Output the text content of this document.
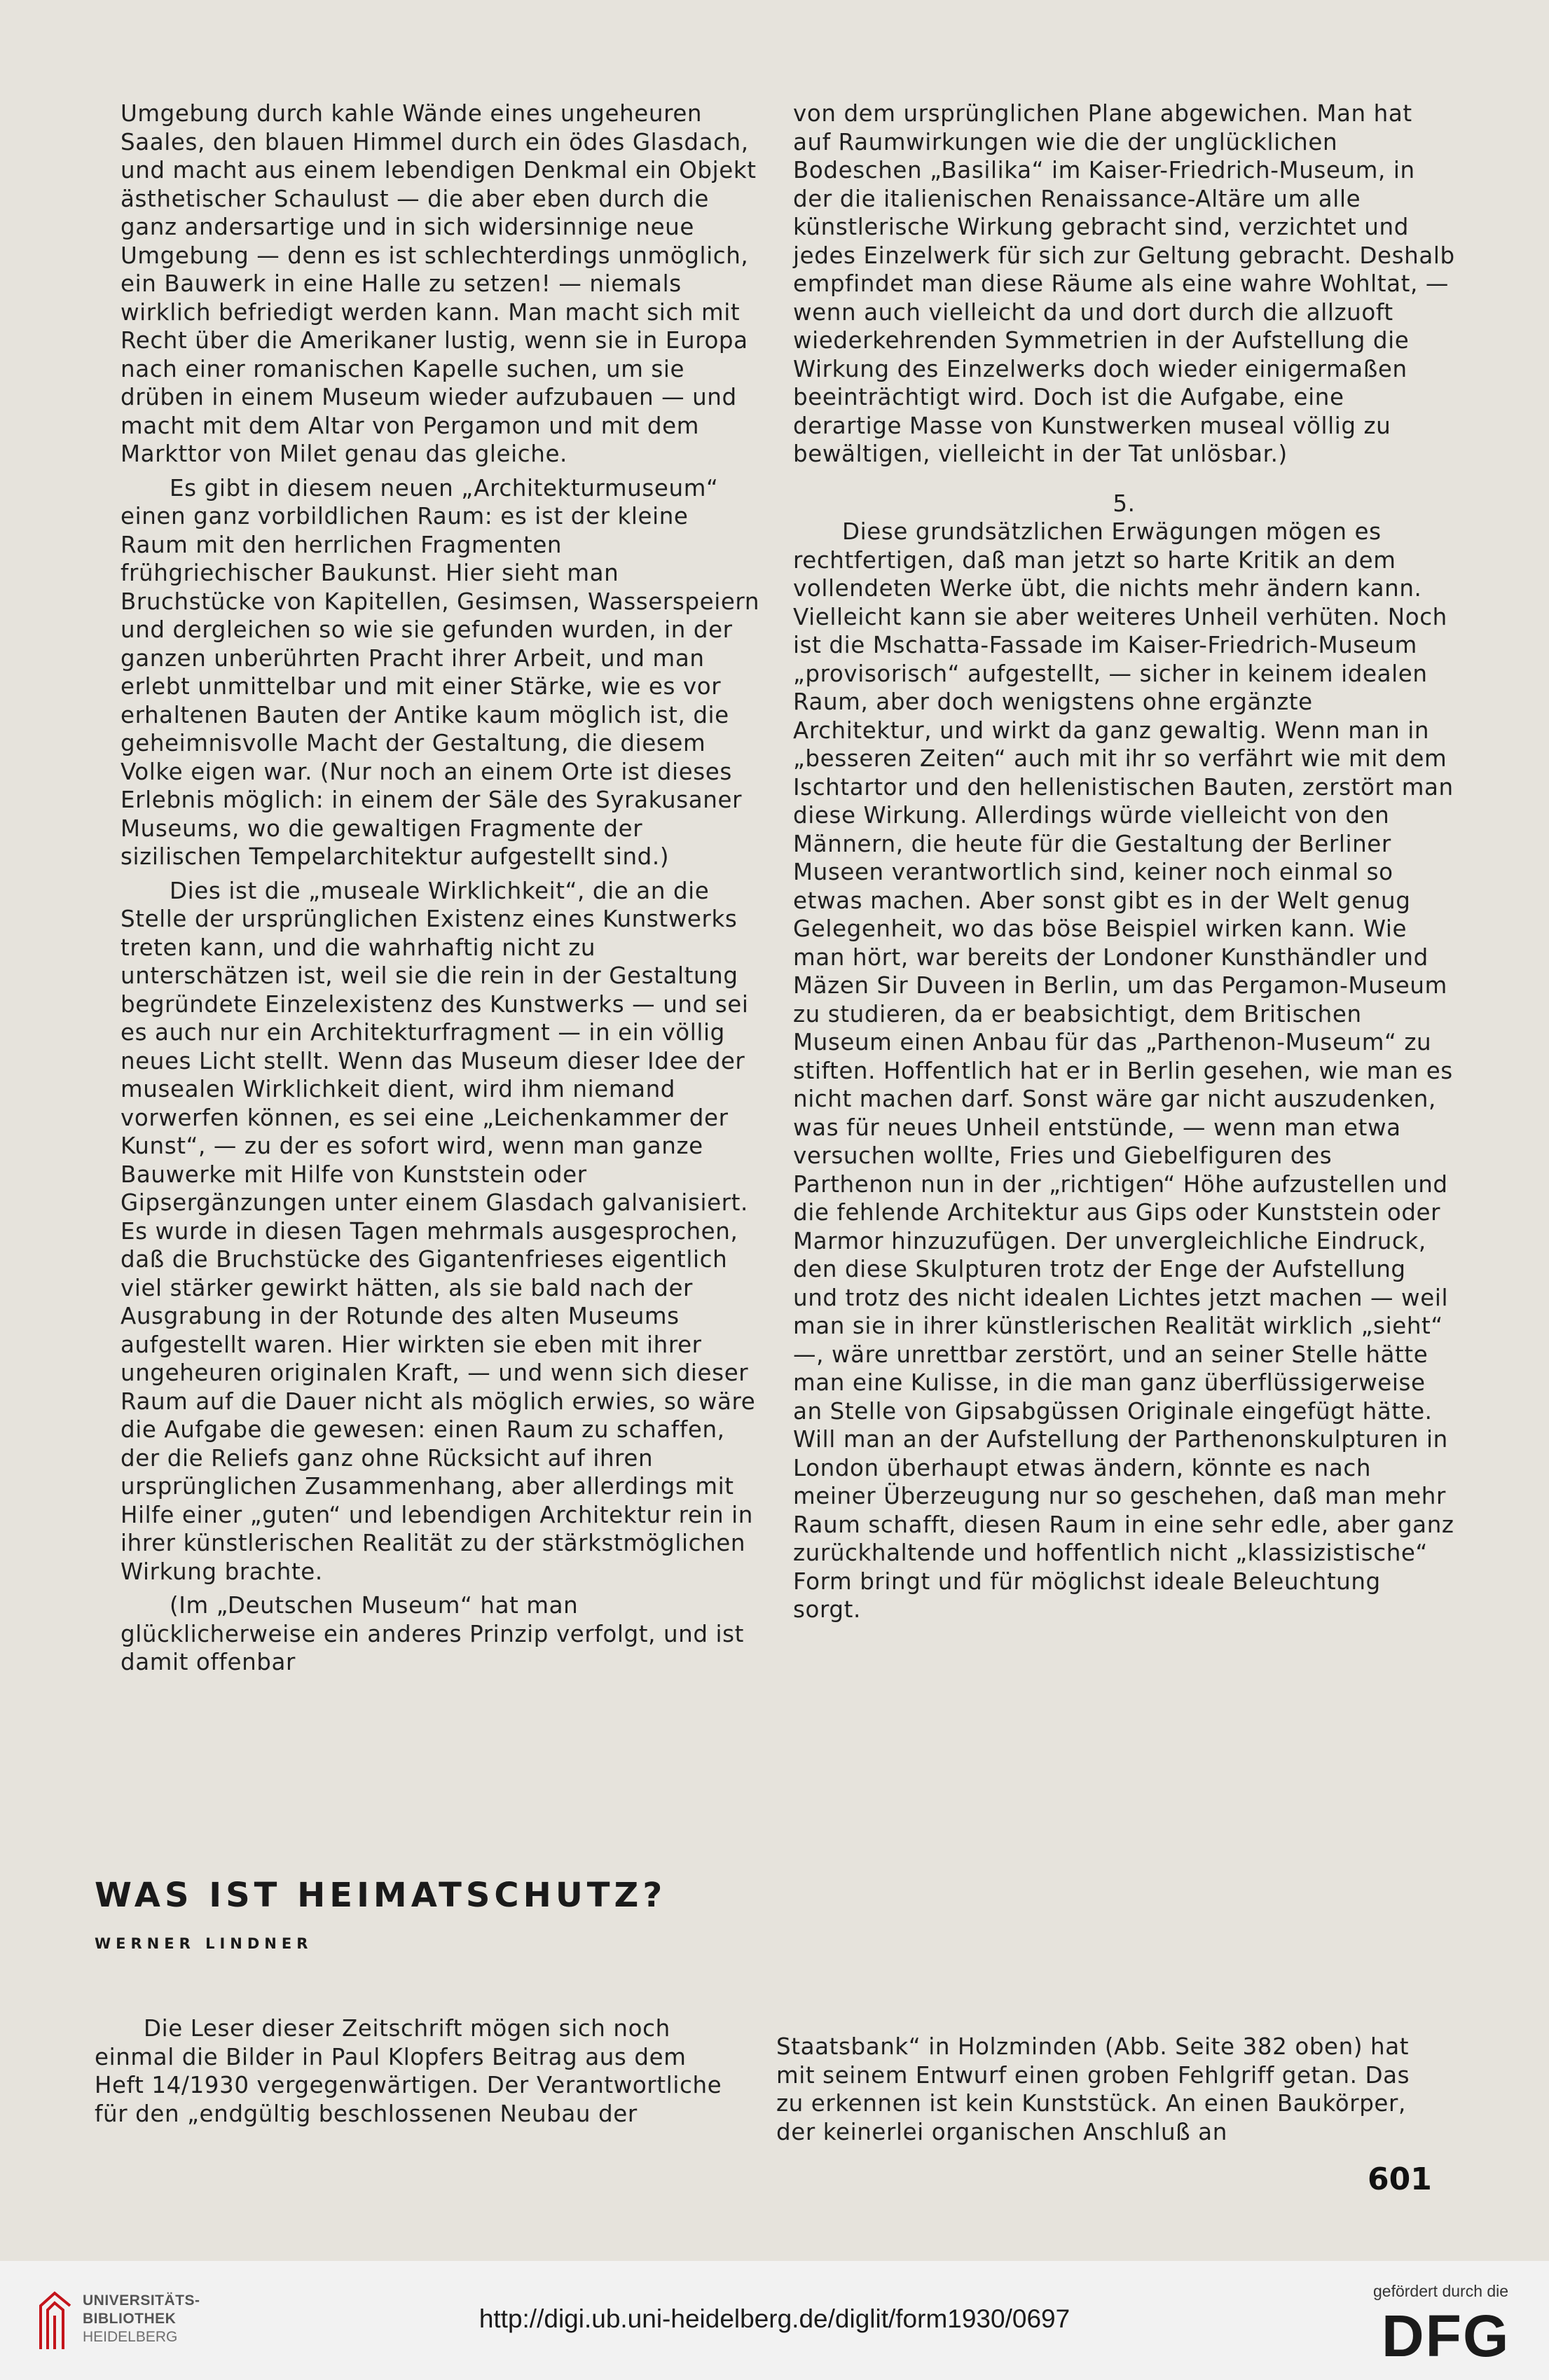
Umgebung durch kahle Wände eines ungeheuren Saales, den blauen Himmel durch ein ödes Glasdach, und macht aus einem lebendigen Denkmal ein Objekt ästhetischer Schaulust — die aber eben durch die ganz andersartige und in sich widersinnige neue Umgebung — denn es ist schlechterdings unmöglich, ein Bauwerk in eine Halle zu setzen! — niemals wirklich befriedigt werden kann. Man macht sich mit Recht über die Amerikaner lustig, wenn sie in Europa nach einer romanischen Kapelle suchen, um sie drüben in einem Museum wieder aufzubauen — und macht mit dem Altar von Pergamon und mit dem Markttor von Milet genau das gleiche.

Es gibt in diesem neuen „Architekturmuseum“ einen ganz vorbildlichen Raum: es ist der kleine Raum mit den herrlichen Fragmenten frühgriechischer Baukunst. Hier sieht man Bruchstücke von Kapitellen, Gesimsen, Wasserspeiern und dergleichen so wie sie gefunden wurden, in der ganzen unberührten Pracht ihrer Arbeit, und man erlebt unmittelbar und mit einer Stärke, wie es vor erhaltenen Bauten der Antike kaum möglich ist, die geheimnisvolle Macht der Gestaltung, die diesem Volke eigen war. (Nur noch an einem Orte ist dieses Erlebnis möglich: in einem der Säle des Syrakusaner Museums, wo die gewaltigen Fragmente der sizilischen Tempelarchitektur aufgestellt sind.)

Dies ist die „museale Wirklichkeit“, die an die Stelle der ursprünglichen Existenz eines Kunstwerks treten kann, und die wahrhaftig nicht zu unterschätzen ist, weil sie die rein in der Gestaltung begründete Einzelexistenz des Kunstwerks — und sei es auch nur ein Architekturfragment — in ein völlig neues Licht stellt. Wenn das Museum dieser Idee der musealen Wirklichkeit dient, wird ihm niemand vorwerfen können, es sei eine „Leichenkammer der Kunst“, — zu der es sofort wird, wenn man ganze Bauwerke mit Hilfe von Kunststein oder Gipsergänzungen unter einem Glasdach galvanisiert. Es wurde in diesen Tagen mehrmals ausgesprochen, daß die Bruchstücke des Gigantenfrieses eigentlich viel stärker gewirkt hätten, als sie bald nach der Ausgrabung in der Rotunde des alten Museums aufgestellt waren. Hier wirkten sie eben mit ihrer ungeheuren originalen Kraft, — und wenn sich dieser Raum auf die Dauer nicht als möglich erwies, so wäre die Aufgabe die gewesen: einen Raum zu schaffen, der die Reliefs ganz ohne Rücksicht auf ihren ursprünglichen Zusammenhang, aber allerdings mit Hilfe einer „guten“ und lebendigen Architektur rein in ihrer künstlerischen Realität zu der stärkstmöglichen Wirkung brachte.

(Im „Deutschen Museum“ hat man glücklicherweise ein anderes Prinzip verfolgt, und ist damit offenbar

von dem ursprünglichen Plane abgewichen. Man hat auf Raumwirkungen wie die der unglücklichen Bodeschen „Basilika“ im Kaiser-Friedrich-Museum, in der die italienischen Renaissance-Altäre um alle künstlerische Wirkung gebracht sind, verzichtet und jedes Einzelwerk für sich zur Geltung gebracht. Deshalb empfindet man diese Räume als eine wahre Wohltat, — wenn auch vielleicht da und dort durch die allzuoft wiederkehrenden Symmetrien in der Aufstellung die Wirkung des Einzelwerks doch wieder einigermaßen beeinträchtigt wird. Doch ist die Aufgabe, eine derartige Masse von Kunstwerken museal völlig zu bewältigen, vielleicht in der Tat unlösbar.)

5.

Diese grundsätzlichen Erwägungen mögen es rechtfertigen, daß man jetzt so harte Kritik an dem vollendeten Werke übt, die nichts mehr ändern kann. Vielleicht kann sie aber weiteres Unheil verhüten. Noch ist die Mschatta-Fassade im Kaiser-Friedrich-Museum „provisorisch“ aufgestellt, — sicher in keinem idealen Raum, aber doch wenigstens ohne ergänzte Architektur, und wirkt da ganz gewaltig. Wenn man in „besseren Zeiten“ auch mit ihr so verfährt wie mit dem Ischtartor und den hellenistischen Bauten, zerstört man diese Wirkung. Allerdings würde vielleicht von den Männern, die heute für die Gestaltung der Berliner Museen verantwortlich sind, keiner noch einmal so etwas machen. Aber sonst gibt es in der Welt genug Gelegenheit, wo das böse Beispiel wirken kann. Wie man hört, war bereits der Londoner Kunsthändler und Mäzen Sir Duveen in Berlin, um das Pergamon-Museum zu studieren, da er beabsichtigt, dem Britischen Museum einen Anbau für das „Parthenon-Museum“ zu stiften. Hoffentlich hat er in Berlin gesehen, wie man es nicht machen darf. Sonst wäre gar nicht auszudenken, was für neues Unheil entstünde, — wenn man etwa versuchen wollte, Fries und Giebelfiguren des Parthenon nun in der „richtigen“ Höhe aufzustellen und die fehlende Architektur aus Gips oder Kunststein oder Marmor hinzuzufügen. Der unvergleichliche Eindruck, den diese Skulpturen trotz der Enge der Aufstellung und trotz des nicht idealen Lichtes jetzt machen — weil man sie in ihrer künstlerischen Realität wirklich „sieht“ —, wäre unrettbar zerstört, und an seiner Stelle hätte man eine Kulisse, in die man ganz überflüssigerweise an Stelle von Gipsabgüssen Originale eingefügt hätte. Will man an der Aufstellung der Parthenonskulpturen in London überhaupt etwas ändern, könnte es nach meiner Überzeugung nur so geschehen, daß man mehr Raum schafft, diesen Raum in eine sehr edle, aber ganz zurückhaltende und hoffentlich nicht „klassizistische“ Form bringt und für möglichst ideale Beleuchtung sorgt.

WAS IST HEIMATSCHUTZ?
WERNER LINDNER

Die Leser dieser Zeitschrift mögen sich noch einmal die Bilder in Paul Klopfers Beitrag aus dem Heft 14/1930 vergegenwärtigen. Der Verantwortliche für den „endgültig beschlossenen Neubau der

Staatsbank“ in Holzminden (Abb. Seite 382 oben) hat mit seinem Entwurf einen groben Fehlgriff getan. Das zu erkennen ist kein Kunststück. An einen Baukörper, der keinerlei organischen Anschluß an

601
UNIVERSITÄTS-
BIBLIOTHEK
HEIDELBERG
http://digi.ub.uni-heidelberg.de/diglit/form1930/0697
gefördert durch die
DFG
